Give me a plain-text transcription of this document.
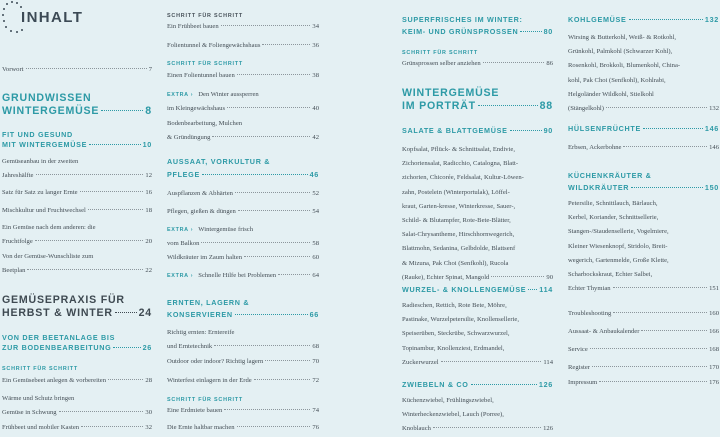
INHALT
Vorwort	7
GRUNDWISSEN
WINTERGEMÜSE	8
FIT UND GESUND
MIT WINTERGEMÜSE	10
Gemüseanbau in der zweiten
Jahreshälfte	12
Satz für Satz zu langer Ernte	16
Mischkultur und Fruchtwechsel	18
Ein Gemüse nach dem anderen: die
Fruchtfolge	20
Von der Gemüse-Wunschliste zum
Beetplan	22
GEMÜSEPRAXIS FÜR
HERBST & WINTER 24
VON DER BEETANLAGE BIS
ZUR BODENBEARBEITUNG	26
SCHRITT FÜR SCHRITT
Ein Gemüsebeet anlegen & vorbereiten	28
Wärme und Schutz bringen
Gemüse in Schwung	30
Frühbeet und mobiler Kasten	32
SCHRITT FÜR SCHRITT
Ein Frühbeet bauen	34
Folientunnel & Foliengewächshaus	36
SCHRITT FÜR SCHRITT
Einen Folientunnel bauen	38
EXTRA › Den Winter aussperren
im Kleingewächshaus	40
Bodenbearbeitung, Mulchen
& Gründüngung	42
AUSSAAT, VORKULTUR &
PFLEGE	46
Auspflanzen & Abhärten	52
Pflegen, gießen & düngen	54
EXTRA › Wintergemüse frisch
vom Balkon	58
Wildkräuter im Zaum halten	60
EXTRA › Schnelle Hilfe bei Problemen	64
ERNTEN, LAGERN &
KONSERVIEREN	66
Richtig ernten: Erntereife
und Erntetechnik	68
Outdoor oder indoor? Richtig lagern	70
Winterfest einlagern in der Erde	72
SCHRITT FÜR SCHRITT
Eine Erdmiete bauen	74
Die Ernte haltbar machen	76
SUPERFRISCHES IM WINTER:
KEIM- UND GRÜNSPROSSEN	80
SCHRITT FÜR SCHRITT
Grünsprossen selber anziehen	86
WINTERGEMÜSE
IM PORTRÄT	88
SALATE & BLATTGEMÜSE	90
Kopfsalat, Pflück- & Schnittsalat, Endivie,
Zichoriensalat, Radicchio, Catalogna, Blatt-
zichorien, Chicorée, Feldsalat, Kultur-Löwen-
zahn, Postelein (Winterportulak), Löffel-
kraut, Garten-kresse, Winterkresse, Sauer-,
Schild- & Blutampfer, Rote-Bete-Blätter,
Salat-Chrysantheme, Hirschhornwegerich,
Blattmohn, Sedanina, Gelbdolde, Blattsenf
& Mizuna, Pak Choi (Senfkohl), Rucola
(Rauke), Echter Spinat, Mangold	90
WURZEL- & KNOLLENGEMÜSE 114
Radieschen, Rettich, Rote Bete, Möhre,
Pastinake, Wurzelpetersilie, Knollensellerie,
Speiserüben, Steckrübe, Schwarzwurzel,
Topinambur, Knollenziest, Erdmandel,
Zuckerwurzel	114
ZWIEBELN & CO	126
Küchenzwiebel, Frühlingszwiebel,
Winterheckenzwiebel, Lauch (Porree),
Knoblauch	126
KOHLGEMÜSE	132
Wirsing & Butterkohl, Weiß- & Rotkohl,
Grünkohl, Palmkohl (Schwarzer Kohl),
Rosenkohl, Brokkoli, Blumenkohl, China-
kohl, Pak Choi (Senfkohl), Kohlrabi,
Helgoländer Wildkohl, Stielkohl
(Stängelkohl)	132
HÜLSENFRÜCHTE	146
Erbsen, Ackerbohne	146
KÜCHENKRÄUTER &
WILDKRÄUTER	150
Petersilie, Schnittlauch, Bärlauch,
Kerbel, Koriander, Schnittsellerie,
Stangen-/Staudensellerie, Vogelmiere,
Kleiner Wiesenknopf, Stridolo, Breit-
wegerich, Gartenmelde, Große Klette,
Scharbockskraut, Echter Salbei,
Echter Thymian	151
Troubleshooting	160
Aussaat- & Anbaukalender	166
Service	168
Register	170
Impressum	176
